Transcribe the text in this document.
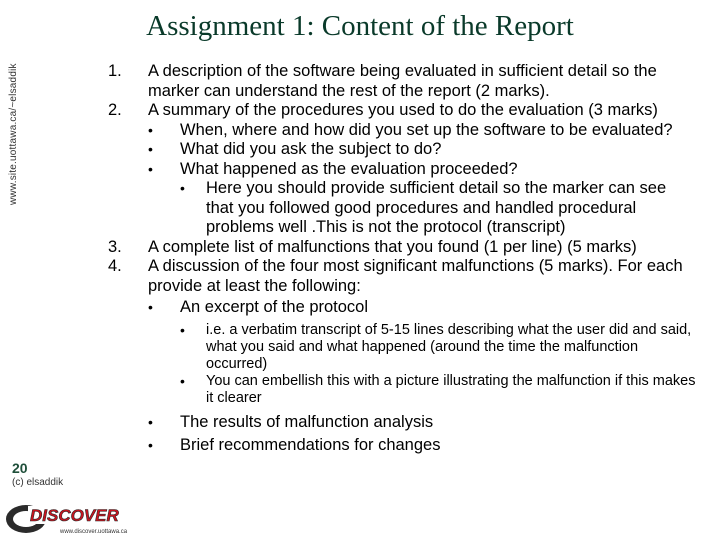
www.site.uottawa.ca/~elsaddik
Assignment 1: Content of the Report
1. A description of the software being evaluated in sufficient detail so the marker can understand the rest of the report (2 marks).
2. A summary of the procedures you used to do the evaluation (3 marks)
• When, where and how did you set up the software to be evaluated?
• What did you ask the subject to do?
• What happened as the evaluation proceeded?
• Here you should provide sufficient detail so the marker can see that you followed good procedures and handled procedural problems well .This is not the protocol (transcript)
3. A complete list of malfunctions that you found (1 per line) (5 marks)
4. A discussion of the four most significant malfunctions (5 marks). For each provide at least the following:
• An excerpt of the protocol
• i.e. a verbatim transcript of 5-15 lines describing what the user did and said, what you said and what happened (around the time the malfunction occurred)
• You can embellish this with a picture illustrating the malfunction if this makes it clearer
• The results of malfunction analysis
• Brief recommendations for changes
20
(c) elsaddik
DISCOVER
www.discover.uottawa.ca
